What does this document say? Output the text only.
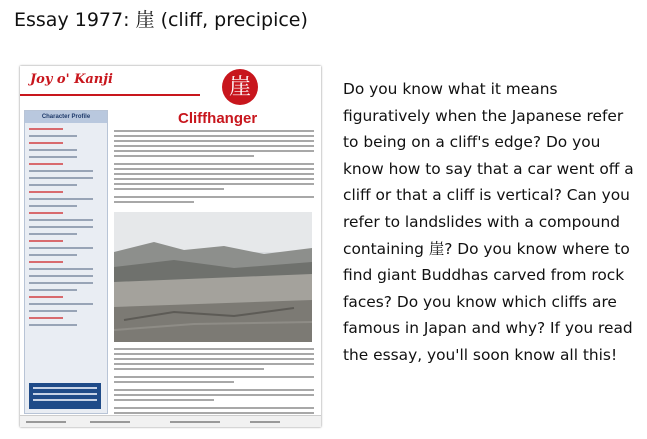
Essay 1977: 崖 (cliff, precipice)
Joy o' Kanji	崖
Cliffhanger
Character Profile
Do you know what it means figuratively when the Japanese refer to being on a cliff's edge? Do you know how to say that a car went off a cliff or that a cliff is vertical? Can you refer to landslides with a compound containing 崖? Do you know where to find giant Buddhas carved from rock faces? Do you know which cliffs are famous in Japan and why? If you read the essay, you'll soon know all this!
